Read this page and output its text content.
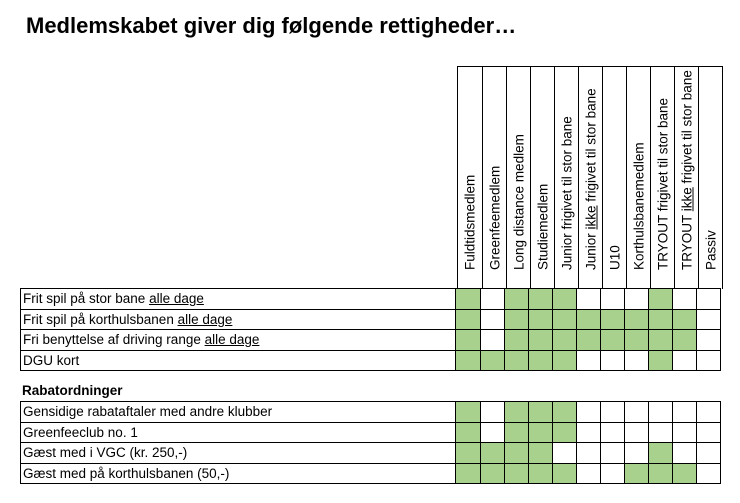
Medlemskabet giver dig følgende rettigheder…
Fuldtidsmedlem Greenfeemedlem Long distance medlem Studiemedlem Junior frigivet til stor bane Junior ikke frigivet til stor bane
U10 Korthulsbanemedlem TRYOUT frigivet til stor bane TRYOUT ikke frigivet til stor bane
Passiv
Frit spil på stor bane alle dage
Frit spil på korthulsbanen alle dage
Fri benyttelse af driving range alle dage
DGU kort
Rabatordninger
Gensidige rabataftaler med andre klubber
Greenfeeclub no. 1
Gæst med i VGC (kr. 250,-)
Gæst med på korthulsbanen (50,-)
